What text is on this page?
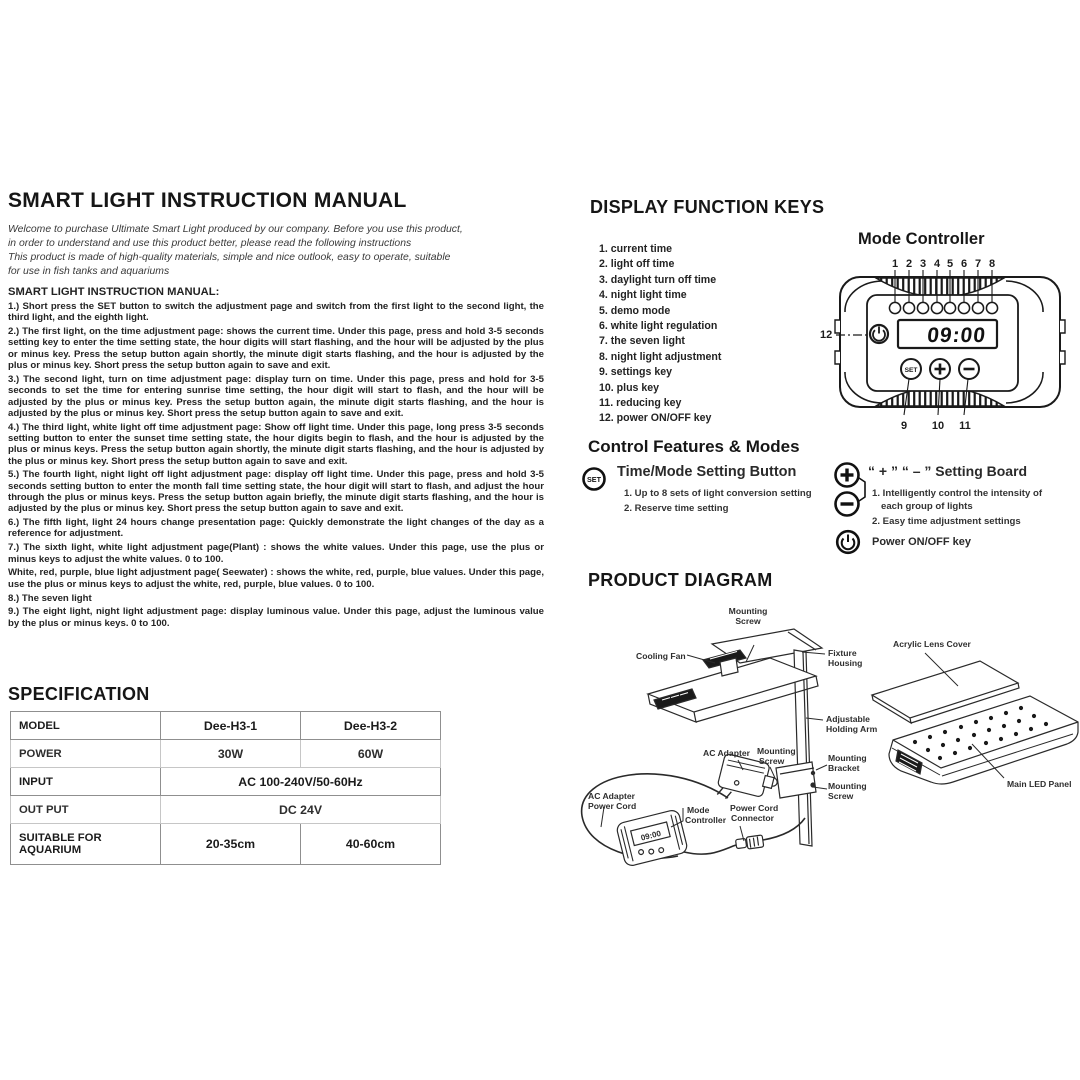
SMART LIGHT INSTRUCTION MANUAL
Welcome to purchase Ultimate Smart Light produced by our company. Before you use this product,
in order to understand and use this product better, please read the following instructions
This product is made of high-quality materials, simple and nice outlook, easy to operate, suitable
for use in fish tanks and aquariums
SMART LIGHT INSTRUCTION MANUAL:

1.) Short press the SET button to switch the adjustment page and switch from the first light to the second light, the third light, and the eighth light.

2.) The first light, on the time adjustment page: shows the current time. Under this page, press and hold 3-5 seconds setting key to enter the time setting state, the hour digits will start flashing, and the hour will be adjusted by the plus or minus key. Press the setup button again shortly, the minute digit starts flashing, and the hour is adjusted by the plus or minus key. Short press the setup button again to save and exit.

3.) The second light, turn on time adjustment page: display turn on time. Under this page, press and hold for 3-5 seconds to set the time for entering sunrise time setting, the hour digit will start to flash, and the hour will be adjusted by the plus or minus key. Press the setup button again, the minute digit starts flashing, and the hour is adjusted by the plus or minus key. Short press the setup button again to save and exit.

4.) The third light, white light off time adjustment page: Show off light time. Under this page, long press 3-5 seconds setting button to enter the sunset time setting state, the hour digits begin to flash, and the hour is adjusted by the plus or minus keys. Press the setup button again shortly, the minute digit starts flashing, and the hour is adjusted by the plus or minus key. Short press the setup button again to save and exit.

5.) The fourth light, night light off light adjustment page: display off light time. Under this page, press and hold 3-5 seconds setting button to enter the month fall time setting state, the hour digit will start to flash, and adjust the hour through the plus or minus keys. Press the setup button again briefly, the minute digit starts flashing, and the hour is adjusted by the plus or minus key. Short press the setup button again to save and exit.

6.) The fifth light, light 24 hours change presentation page: Quickly demonstrate the light changes of the day as a reference for adjustment.

7.) The sixth light, white light adjustment page(Plant) : shows the white values. Under this page, use the plus or minus keys to adjust the white values. 0 to 100.

White, red, purple, blue light adjustment page( Seewater) : shows the white, red, purple, blue values. Under this page, use the plus or minus keys to adjust the white, red, purple, blue values. 0 to 100.

8.) The seven light

9.) The eight light, night light adjustment page: display luminous value. Under this page, adjust the luminous value by the plus or minus keys. 0 to 100.

SPECIFICATION
MODEL	Dee-H3-1	Dee-H3-2
POWER	30W	60W
INPUT	AC 100-240V/50-60Hz	
OUT PUT	DC 24V	
SUITABLE FOR AQUARIUM	20-35cm	40-60cm
DISPLAY FUNCTION KEYS
1. current time
2. light off time
3. daylight turn off time
4. night light time
5. demo mode
6. white light regulation
7. the seven light
8. night light adjustment
9. settings key
10. plus key
11. reducing key
12. power ON/OFF key
Mode Controller
1 2 3 4 5 6 7 8
09:00
12
SET
9 10 11
Control Features & Modes
SET Time/Mode Setting Button
1. Up to 8 sets of light conversion setting
2. Reserve time setting
“ + ” “ – ” Setting Board
1. Intelligently control the intensity of
each group of lights
2. Easy time adjustment settings
Power ON/OFF key
PRODUCT DIAGRAM
09:00
Mounting
Screw
Cooling Fan	Fixture
Housing
Adjustable
Holding Arm
AC Adapter Mounting
Screw	Mounting
Bracket
Mounting
Screw
AC Adapter
Power Cord	Mode
Controller
Power Cord
Connector
Acrylic Lens Cover
Main LED Panel
